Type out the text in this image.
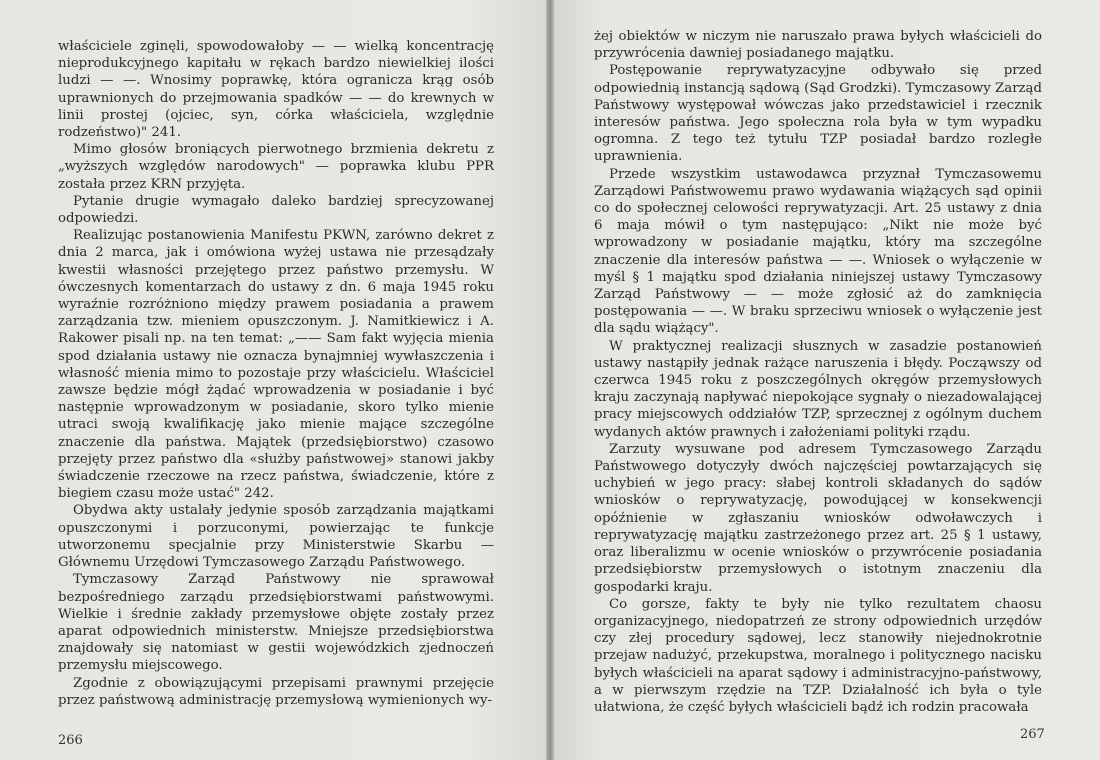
właściciele zginęli, spowodowałoby — — wielką koncentrację nieprodukcyjnego kapitału w rękach bardzo niewielkiej ilości ludzi — —. Wnosimy poprawkę, która ogranicza krąg osób uprawnionych do przejmowania spadków — — do krewnych w linii prostej (ojciec, syn, córka właściciela, względnie rodzeństwo)" 241.

Mimo głosów broniących pierwotnego brzmienia dekretu z „wyższych względów narodowych" — poprawka klubu PPR została przez KRN przyjęta.

Pytanie drugie wymagało daleko bardziej sprecyzowanej odpowiedzi.

Realizując postanowienia Manifestu PKWN, zarówno dekret z dnia 2 marca, jak i omówiona wyżej ustawa nie przesądzały kwestii własności przejętego przez państwo przemysłu. W ówczesnych komentarzach do ustawy z dn. 6 maja 1945 roku wyraźnie rozróżniono między prawem posiadania a prawem zarządzania tzw. mieniem opuszczonym. J. Namitkiewicz i A. Rakower pisali np. na ten temat: „—— Sam fakt wyjęcia mienia spod działania ustawy nie oznacza bynajmniej wywłaszczenia i własność mienia mimo to pozostaje przy właścicielu. Właściciel zawsze będzie mógł żądać wprowadzenia w posiadanie i być następnie wprowadzonym w posiadanie, skoro tylko mienie utraci swoją kwalifikację jako mienie mające szczególne znaczenie dla państwa. Majątek (przedsiębiorstwo) czasowo przejęty przez państwo dla «służby państwowej» stanowi jakby świadczenie rzeczowe na rzecz państwa, świadczenie, które z biegiem czasu może ustać" 242.

Obydwa akty ustalały jedynie sposób zarządzania majątkami opuszczonymi i porzuconymi, powierzając te funkcje utworzonemu specjalnie przy Ministerstwie Skarbu — Głównemu Urzędowi Tymczasowego Zarządu Państwowego.

Tymczasowy Zarząd Państwowy nie sprawował bezpośredniego zarządu przedsiębiorstwami państwowymi. Wielkie i średnie zakłady przemysłowe objęte zostały przez aparat odpowiednich ministerstw. Mniejsze przedsiębiorstwa znajdowały się natomiast w gestii wojewódzkich zjednoczeń przemysłu miejscowego.

Zgodnie z obowiązującymi przepisami prawnymi przejęcie przez państwową administrację przemysłową wymienionych wy-

266

żej obiektów w niczym nie naruszało prawa byłych właścicieli do przywrócenia dawniej posiadanego majątku.

Postępowanie reprywatyzacyjne odbywało się przed odpowiednią instancją sądową (Sąd Grodzki). Tymczasowy Zarząd Państwowy występował wówczas jako przedstawiciel i rzecznik interesów państwa. Jego społeczna rola była w tym wypadku ogromna. Z tego też tytułu TZP posiadał bardzo rozległe uprawnienia.

Przede wszystkim ustawodawca przyznał Tymczasowemu Zarządowi Państwowemu prawo wydawania wiążących sąd opinii co do społecznej celowości reprywatyzacji. Art. 25 ustawy z dnia 6 maja mówił o tym następująco: „Nikt nie może być wprowadzony w posiadanie majątku, który ma szczególne znaczenie dla interesów państwa — —. Wniosek o wyłączenie w myśl § 1 majątku spod działania niniejszej ustawy Tymczasowy Zarząd Państwowy — — może zgłosić aż do zamknięcia postępowania — —. W braku sprzeciwu wniosek o wyłączenie jest dla sądu wiążący".

W praktycznej realizacji słusznych w zasadzie postanowień ustawy nastąpiły jednak rażące naruszenia i błędy. Począwszy od czerwca 1945 roku z poszczególnych okręgów przemysłowych kraju zaczynają napływać niepokojące sygnały o niezadowalającej pracy miejscowych oddziałów TZP, sprzecznej z ogólnym duchem wydanych aktów prawnych i założeniami polityki rządu.

Zarzuty wysuwane pod adresem Tymczasowego Zarządu Państwowego dotyczyły dwóch najczęściej powtarzających się uchybień w jego pracy: słabej kontroli składanych do sądów wniosków o reprywatyzację, powodującej w konsekwencji opóźnienie w zgłaszaniu wniosków odwoławczych i reprywatyzację majątku zastrzeżonego przez art. 25 § 1 ustawy, oraz liberalizmu w ocenie wniosków o przywrócenie posiadania przedsiębiorstw przemysłowych o istotnym znaczeniu dla gospodarki kraju.

Co gorsze, fakty te były nie tylko rezultatem chaosu organizacyjnego, niedopatrzeń ze strony odpowiednich urzędów czy złej procedury sądowej, lecz stanowiły niejednokrotnie przejaw nadużyć, przekupstwa, moralnego i politycznego nacisku byłych właścicieli na aparat sądowy i administracyjno-państwowy, a w pierwszym rzędzie na TZP. Działalność ich była o tyle ułatwiona, że część byłych właścicieli bądź ich rodzin pracowała

267
